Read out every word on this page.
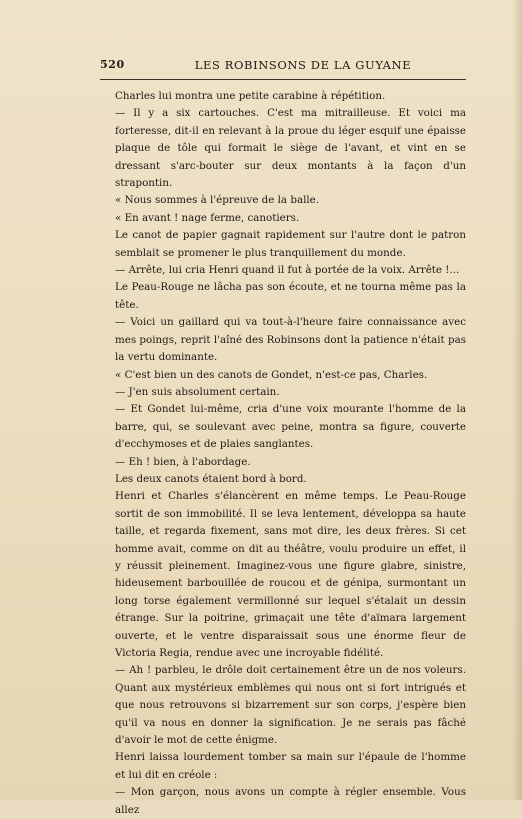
520	LES ROBINSONS DE LA GUYANE

Charles lui montra une petite carabine à répétition.

— Il y a six cartouches. C'est ma mitrailleuse. Et voici ma forteresse, dit-il en relevant à la proue du léger esquif une épaisse plaque de tôle qui formait le siège de l'avant, et vint en se dressant s'arc-bouter sur deux montants à la façon d'un strapontin.

« Nous sommes à l'épreuve de la balle.

« En avant ! nage ferme, canotiers.

Le canot de papier gagnait rapidement sur l'autre dont le patron semblait se promener le plus tranquillement du monde.

— Arrête, lui cria Henri quand il fut à portée de la voix. Arrête !...

Le Peau-Rouge ne lâcha pas son écoute, et ne tourna même pas la tête.

— Voici un gaillard qui va tout-à-l'heure faire connaissance avec mes poings, reprit l'aîné des Robinsons dont la patience n'était pas la vertu dominante.

« C'est bien un des canots de Gondet, n'est-ce pas, Charles.

— J'en suis absolument certain.

— Et Gondet lui-même, cria d'une voix mourante l'homme de la barre, qui, se soulevant avec peine, montra sa figure, couverte d'ecchymoses et de plaies sanglantes.

— Eh ! bien, à l'abordage.

Les deux canots étaient bord à bord.

Henri et Charles s'élancèrent en même temps. Le Peau-Rouge sortit de son immobilité. Il se leva lentement, développa sa haute taille, et regarda fixement, sans mot dire, les deux frères. Si cet homme avait, comme on dit au théâtre, voulu produire un effet, il y réussit pleinement. Imaginez-vous une figure glabre, sinistre, hideusement barbouillée de roucou et de génipa, surmontant un long torse également vermillonné sur lequel s'étalait un dessin étrange. Sur la poitrine, grimaçait une tête d'aïmara largement ouverte, et le ventre disparaissait sous une énorme fleur de Victoria Regia, rendue avec une incroyable fidélité.

— Ah ! parbleu, le drôle doit certainement être un de nos voleurs. Quant aux mystérieux emblèmes qui nous ont si fort intrigués et que nous retrouvons si bizarrement sur son corps, j'espère bien qu'il va nous en donner la signification. Je ne serais pas fâché d'avoir le mot de cette énigme.

Henri laissa lourdement tomber sa main sur l'épaule de l'homme et lui dit en créole :

— Mon garçon, nous avons un compte à régler ensemble. Vous allez
